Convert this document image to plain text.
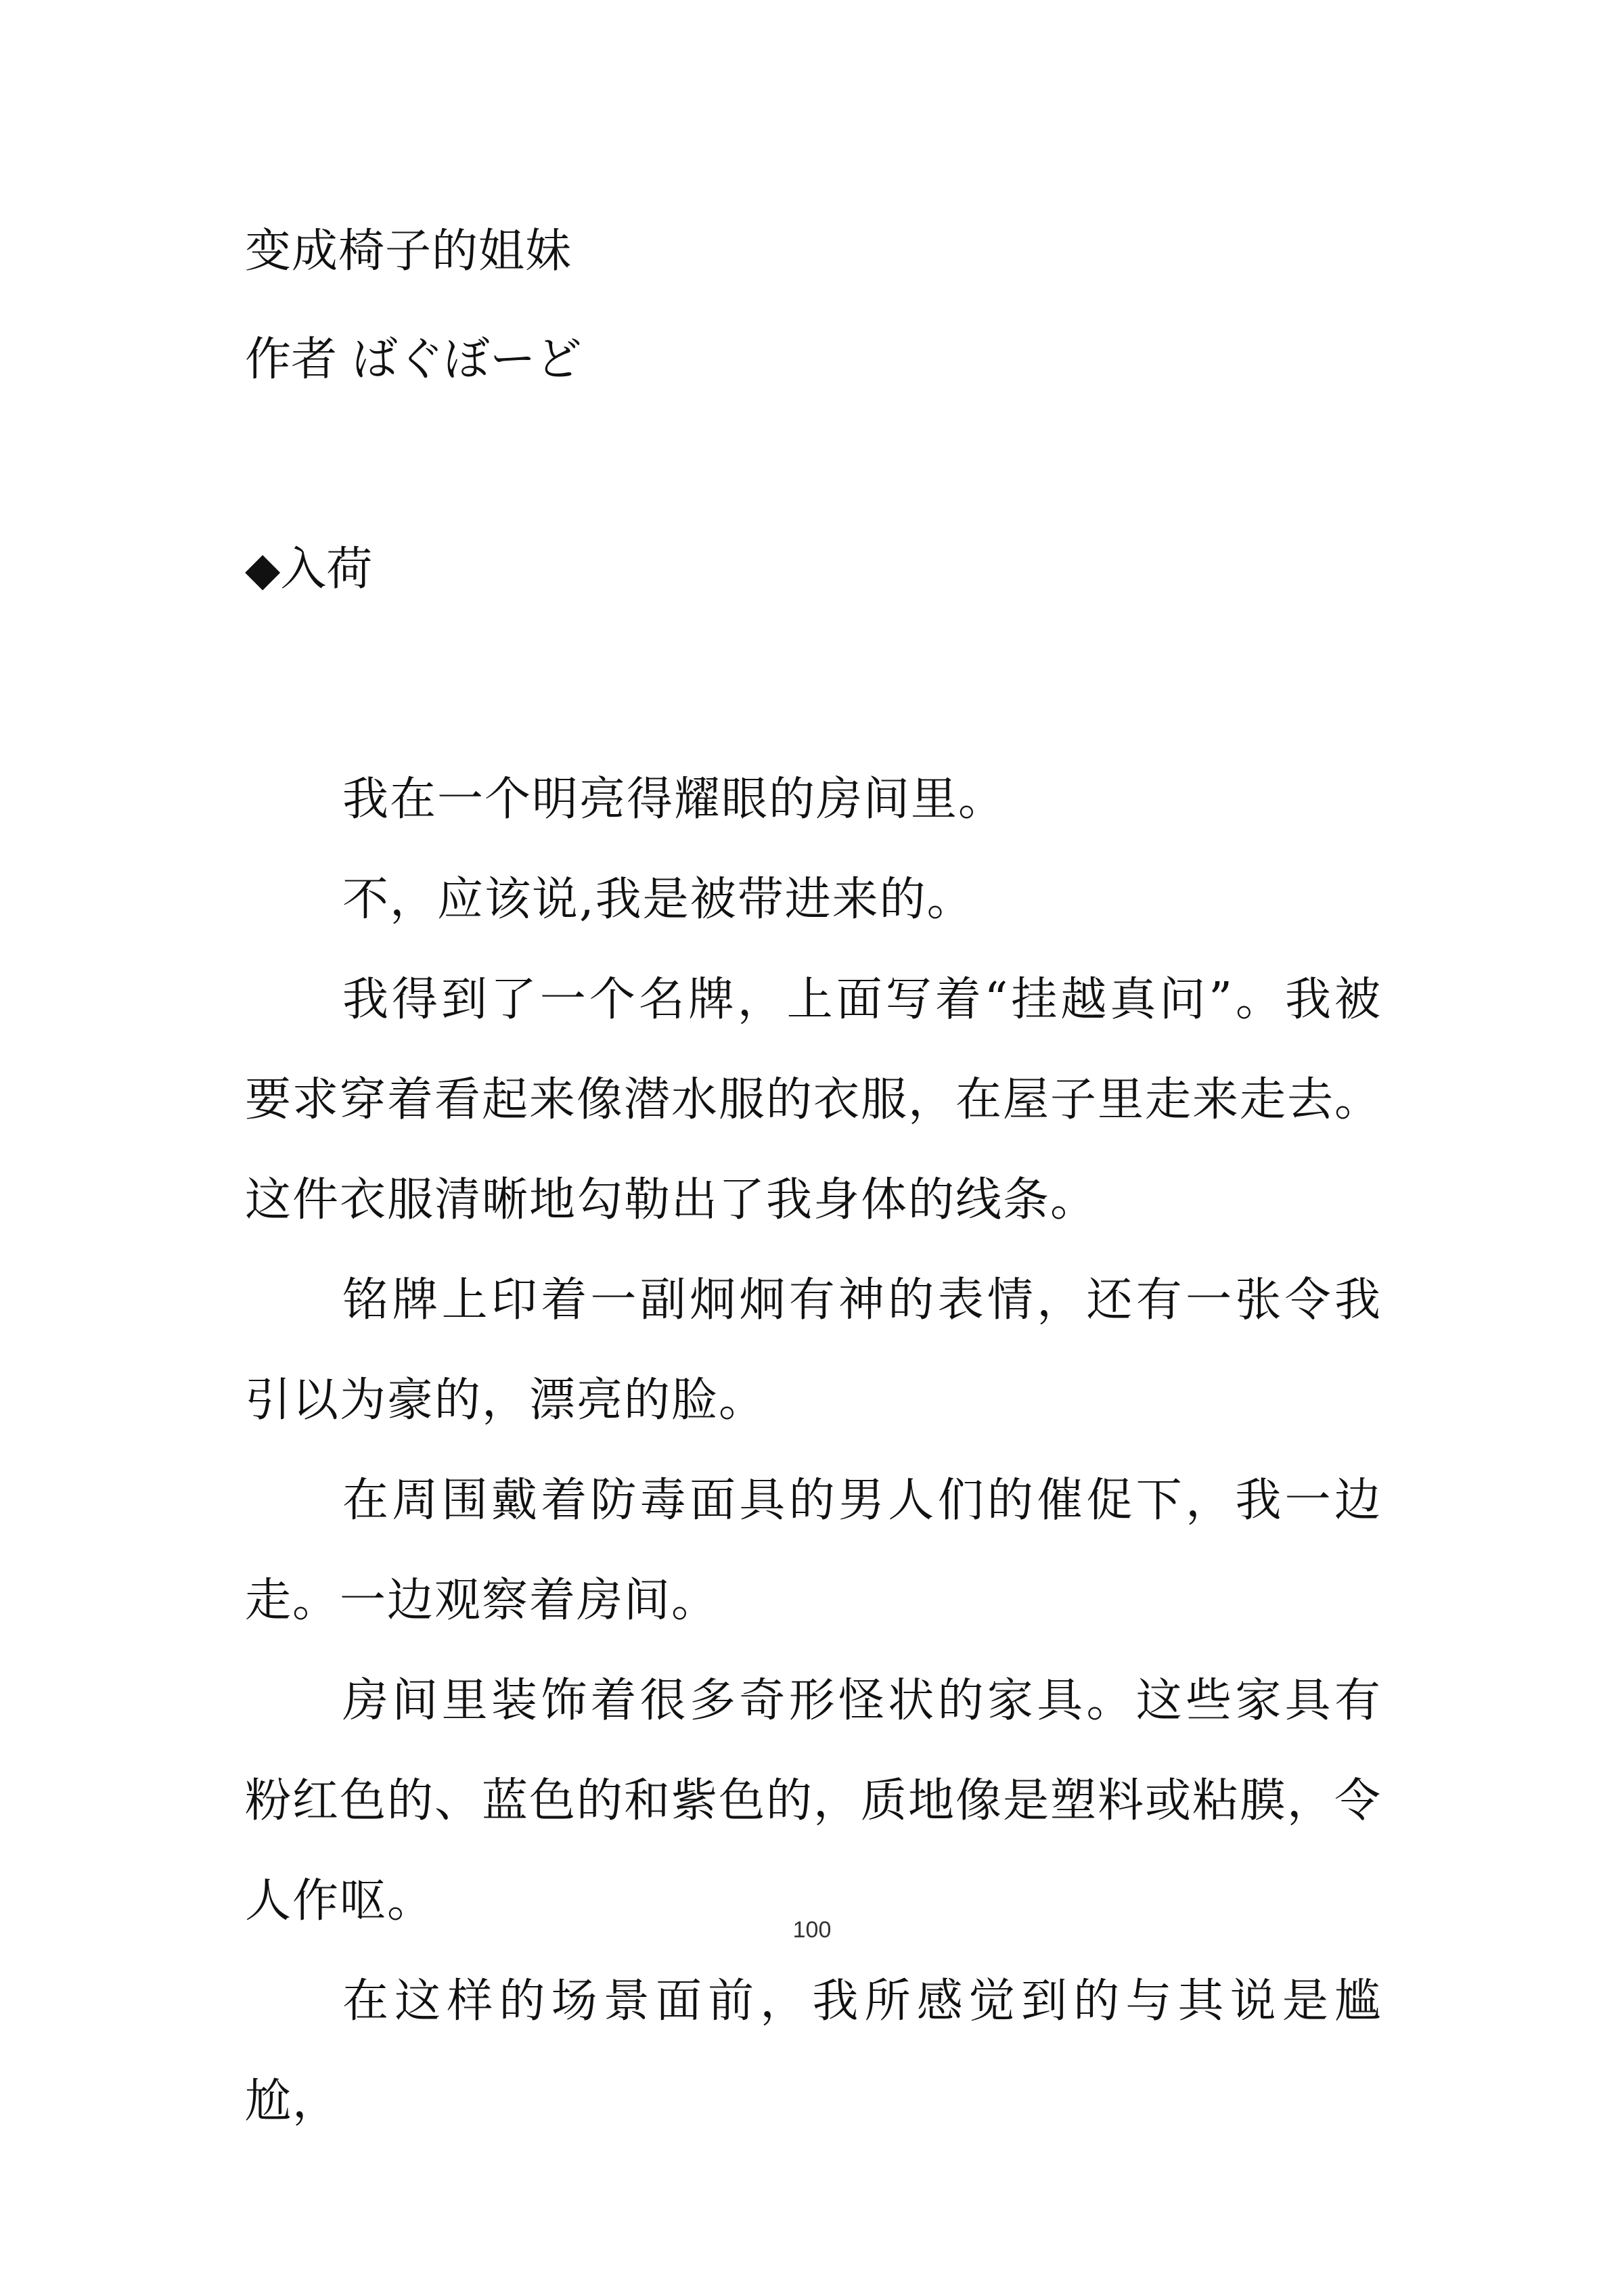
变成椅子的姐妹
作者 ばぐぼーど
◆入荷

我在一个明亮得耀眼的房间里。

不，应该说,我是被带进来的。

我得到了一个名牌，上面写着“挂越真问”。我被要求穿着看起来像潜水服的衣服，在屋子里走来走去。这件衣服清晰地勾勒出了我身体的线条。

铭牌上印着一副炯炯有神的表情，还有一张令我引以为豪的，漂亮的脸。

在周围戴着防毒面具的男人们的催促下，我一边走。一边观察着房间。

房间里装饰着很多奇形怪状的家具。这些家具有粉红色的、蓝色的和紫色的，质地像是塑料或粘膜，令人作呕。

在这样的场景面前，我所感觉到的与其说是尴尬，

100
